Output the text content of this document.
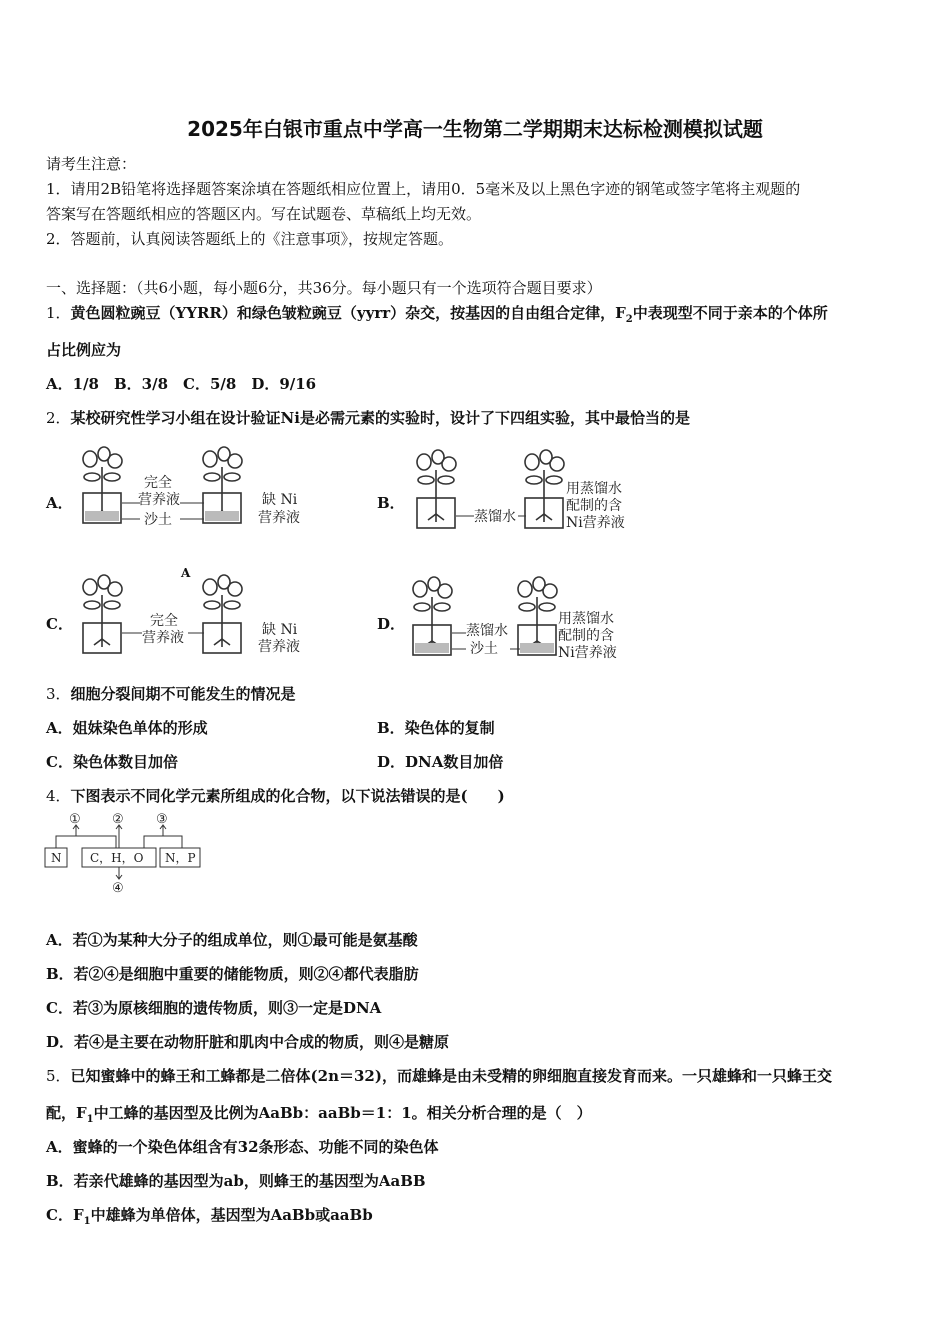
2025年白银市重点中学高一生物第二学期期末达标检测模拟试题
请考生注意：
1．请用2B铅笔将选择题答案涂填在答题纸相应位置上，请用0．5毫米及以上黑色字迹的钢笔或签字笔将主观题的
答案写在答题纸相应的答题区内。写在试题卷、草稿纸上均无效。
2．答题前，认真阅读答题纸上的《注意事项》，按规定答题。
一、选择题：（共6小题，每小题6分，共36分。每小题只有一个选项符合题目要求）
1．黄色圆粒豌豆（YYRR）和绿色皱粒豌豆（yyrr）杂交，按基因的自由组合定律，$F_2$中表现型不同于亲本的个体所
占比例应为
A．1/8　B．3/8　C．5/8　D．9/16
2．某校研究性学习小组在设计验证Ni是必需元素的实验时，设计了下四组实验，其中最恰当的是
A．	B．
C．	D．
完全
营养液
沙土
缺 Ni
营养液	蒸馏水
用蒸馏水
配制的含
Ni营养液
A
完全
营养液	缺 Ni
营养液
蒸馏水
沙土
用蒸馏水
配制的含
Ni营养液
3．细胞分裂间期不可能发生的情况是
A．姐妹染色单体的形成	B．染色体的复制
C．染色体数目加倍	D．DNA数目加倍
4．下图表示不同化学元素所组成的化合物，以下说法错误的是(　　)
N C，H，O N，P
① ② ③
④
A．若①为某种大分子的组成单位，则①最可能是氨基酸
B．若②④是细胞中重要的储能物质，则②④都代表脂肪
C．若③为原核细胞的遗传物质，则③一定是DNA
D．若④是主要在动物肝脏和肌肉中合成的物质，则④是糖原
5．已知蜜蜂中的蜂王和工蜂都是二倍体(2n＝32)，而雄蜂是由未受精的卵细胞直接发育而来。一只雄蜂和一只蜂王交
配，$F_1$中工蜂的基因型及比例为AaBb：aaBb＝1：1。相关分析合理的是（　）
A．蜜蜂的一个染色体组含有32条形态、功能不同的染色体
B．若亲代雄蜂的基因型为ab，则蜂王的基因型为AaBB
C．$F_1$中雄蜂为单倍体，基因型为AaBb或aaBb
